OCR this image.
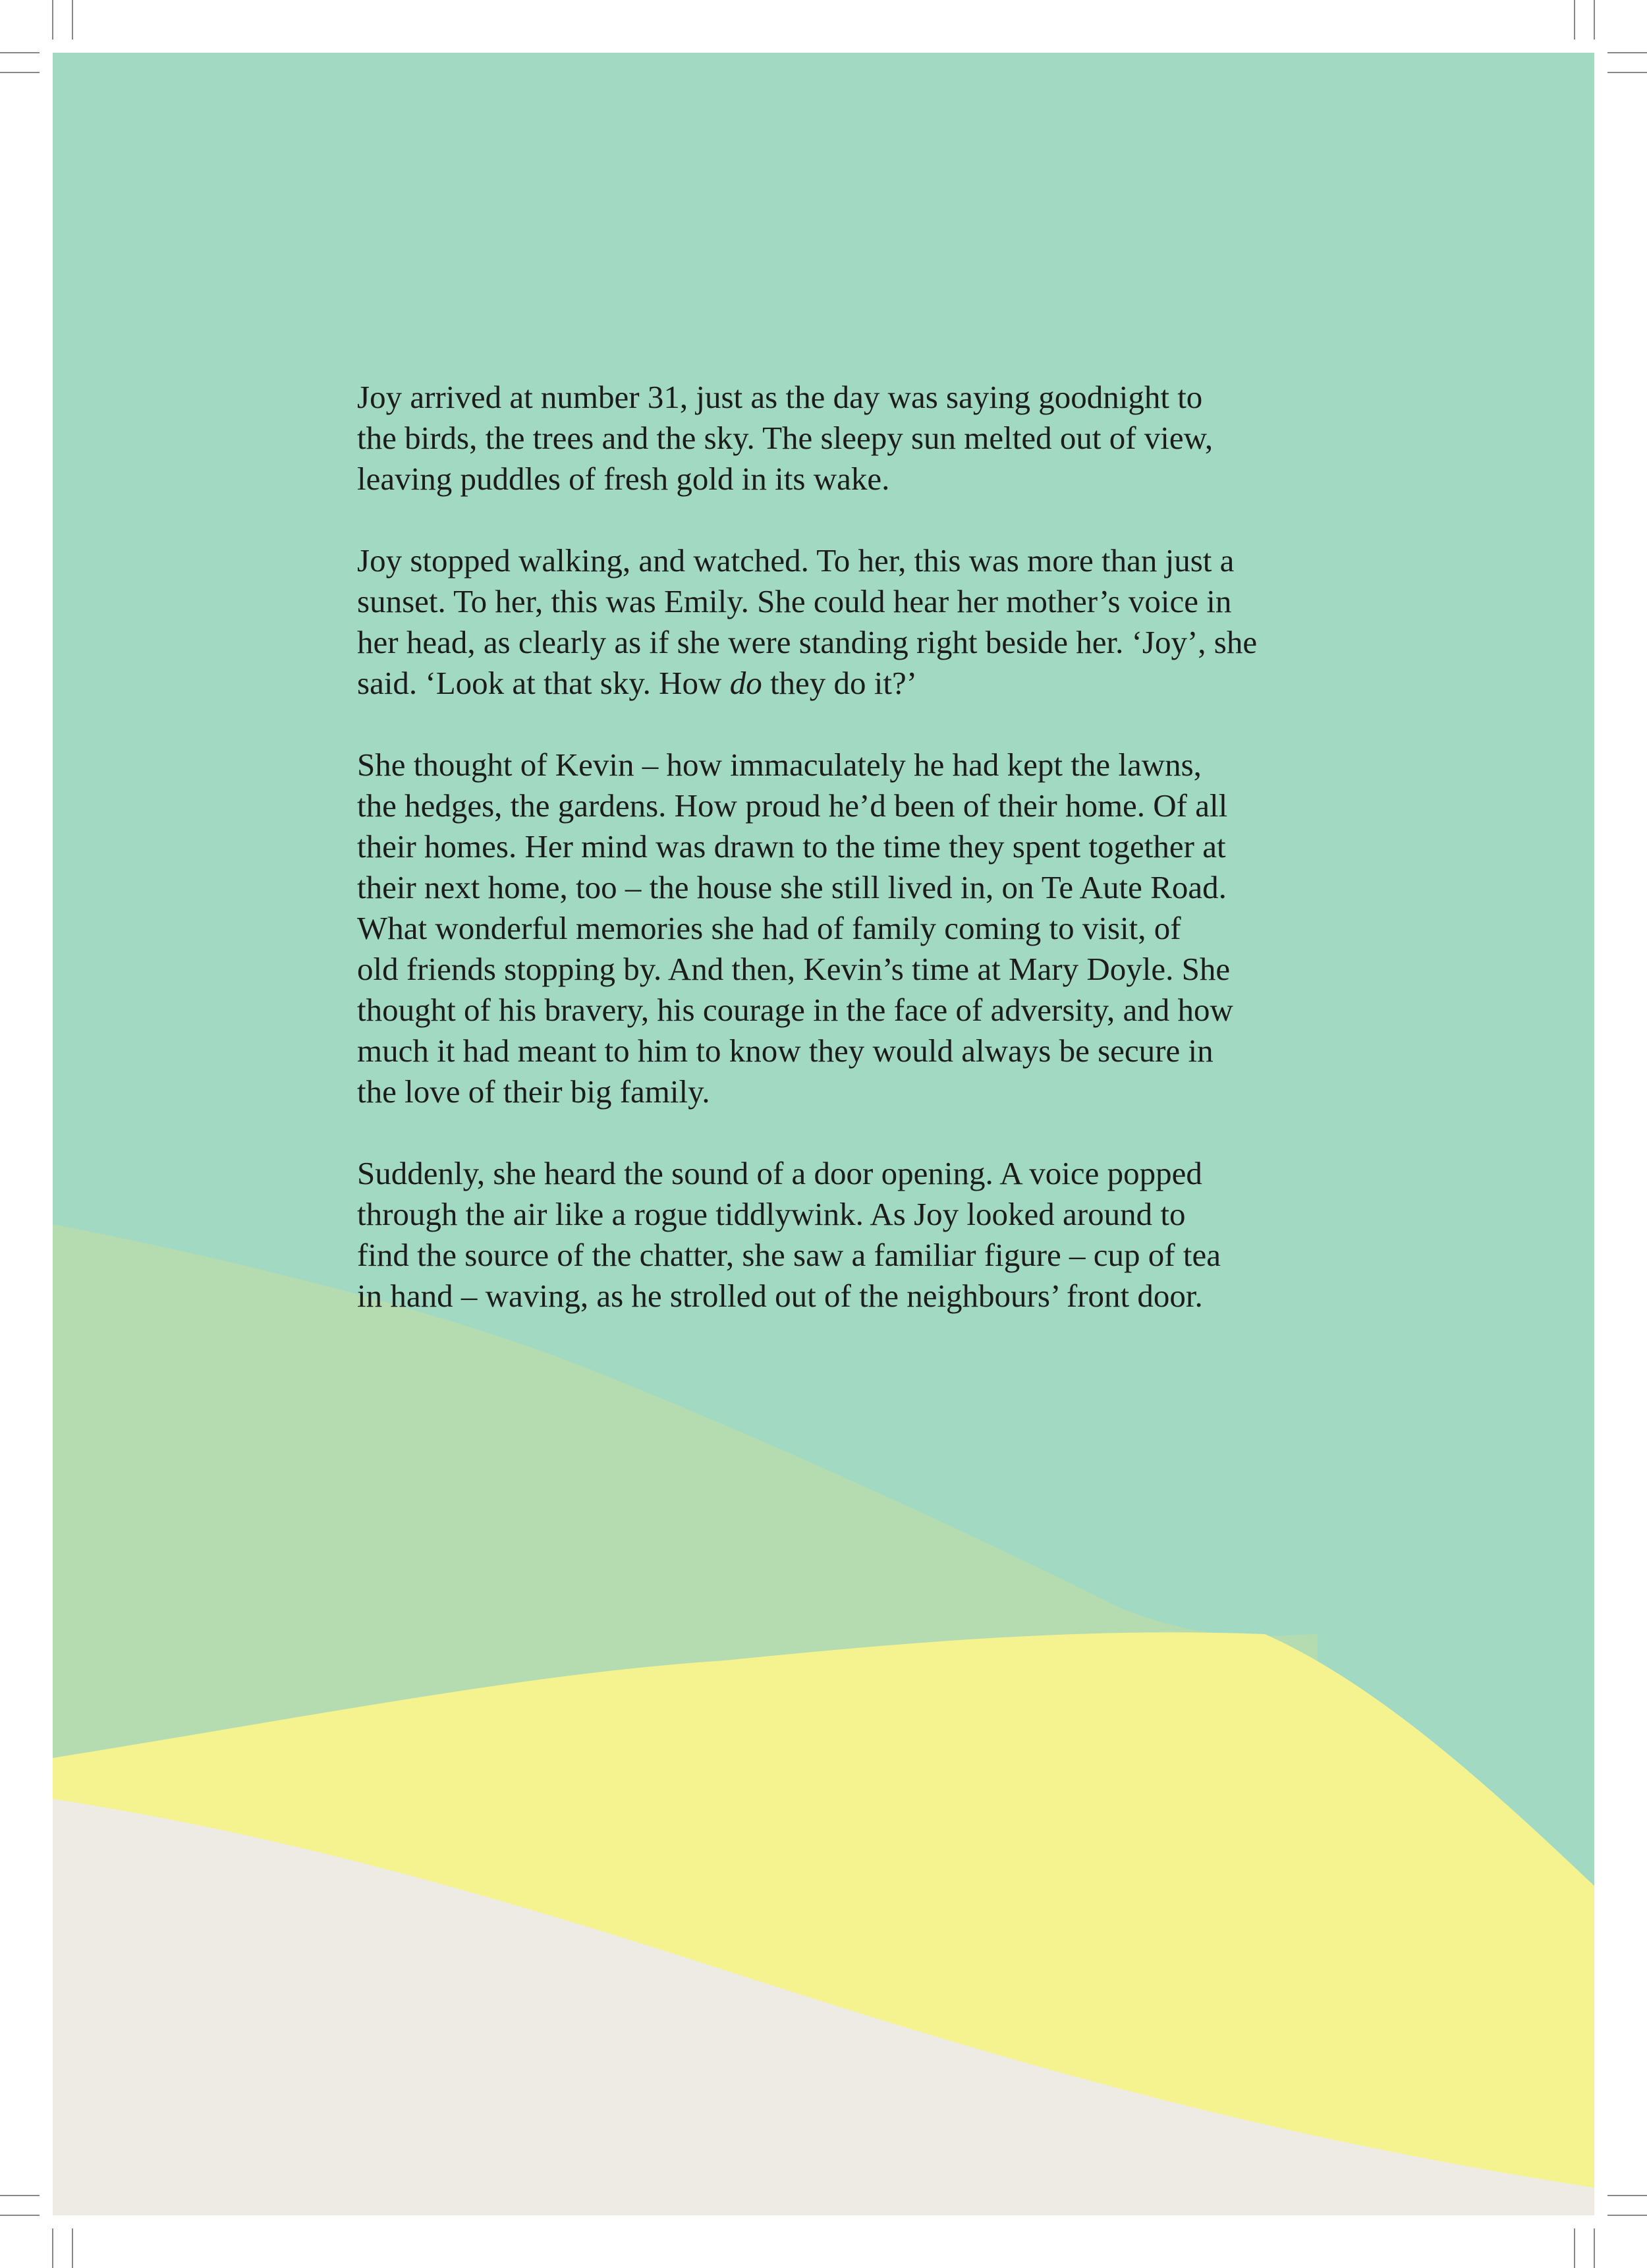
Joy arrived at number 31, just as the day was saying goodnight to
the birds, the trees and the sky. The sleepy sun melted out of view,
leaving puddles of fresh gold in its wake.

Joy stopped walking, and watched. To her, this was more than just a
sunset. To her, this was Emily. She could hear her mother’s voice in
her head, as clearly as if she were standing right beside her. ‘Joy’, she
said. ‘Look at that sky. How do they do it?’

She thought of Kevin – how immaculately he had kept the lawns,
the hedges, the gardens. How proud he’d been of their home. Of all
their homes. Her mind was drawn to the time they spent together at
their next home, too – the house she still lived in, on Te Aute Road.
What wonderful memories she had of family coming to visit, of
old friends stopping by. And then, Kevin’s time at Mary Doyle. She
thought of his bravery, his courage in the face of adversity, and how
much it had meant to him to know they would always be secure in
the love of their big family.

Suddenly, she heard the sound of a door opening. A voice popped
through the air like a rogue tiddlywink. As Joy looked around to
find the source of the chatter, she saw a familiar figure – cup of tea
in hand – waving, as he strolled out of the neighbours’ front door.
